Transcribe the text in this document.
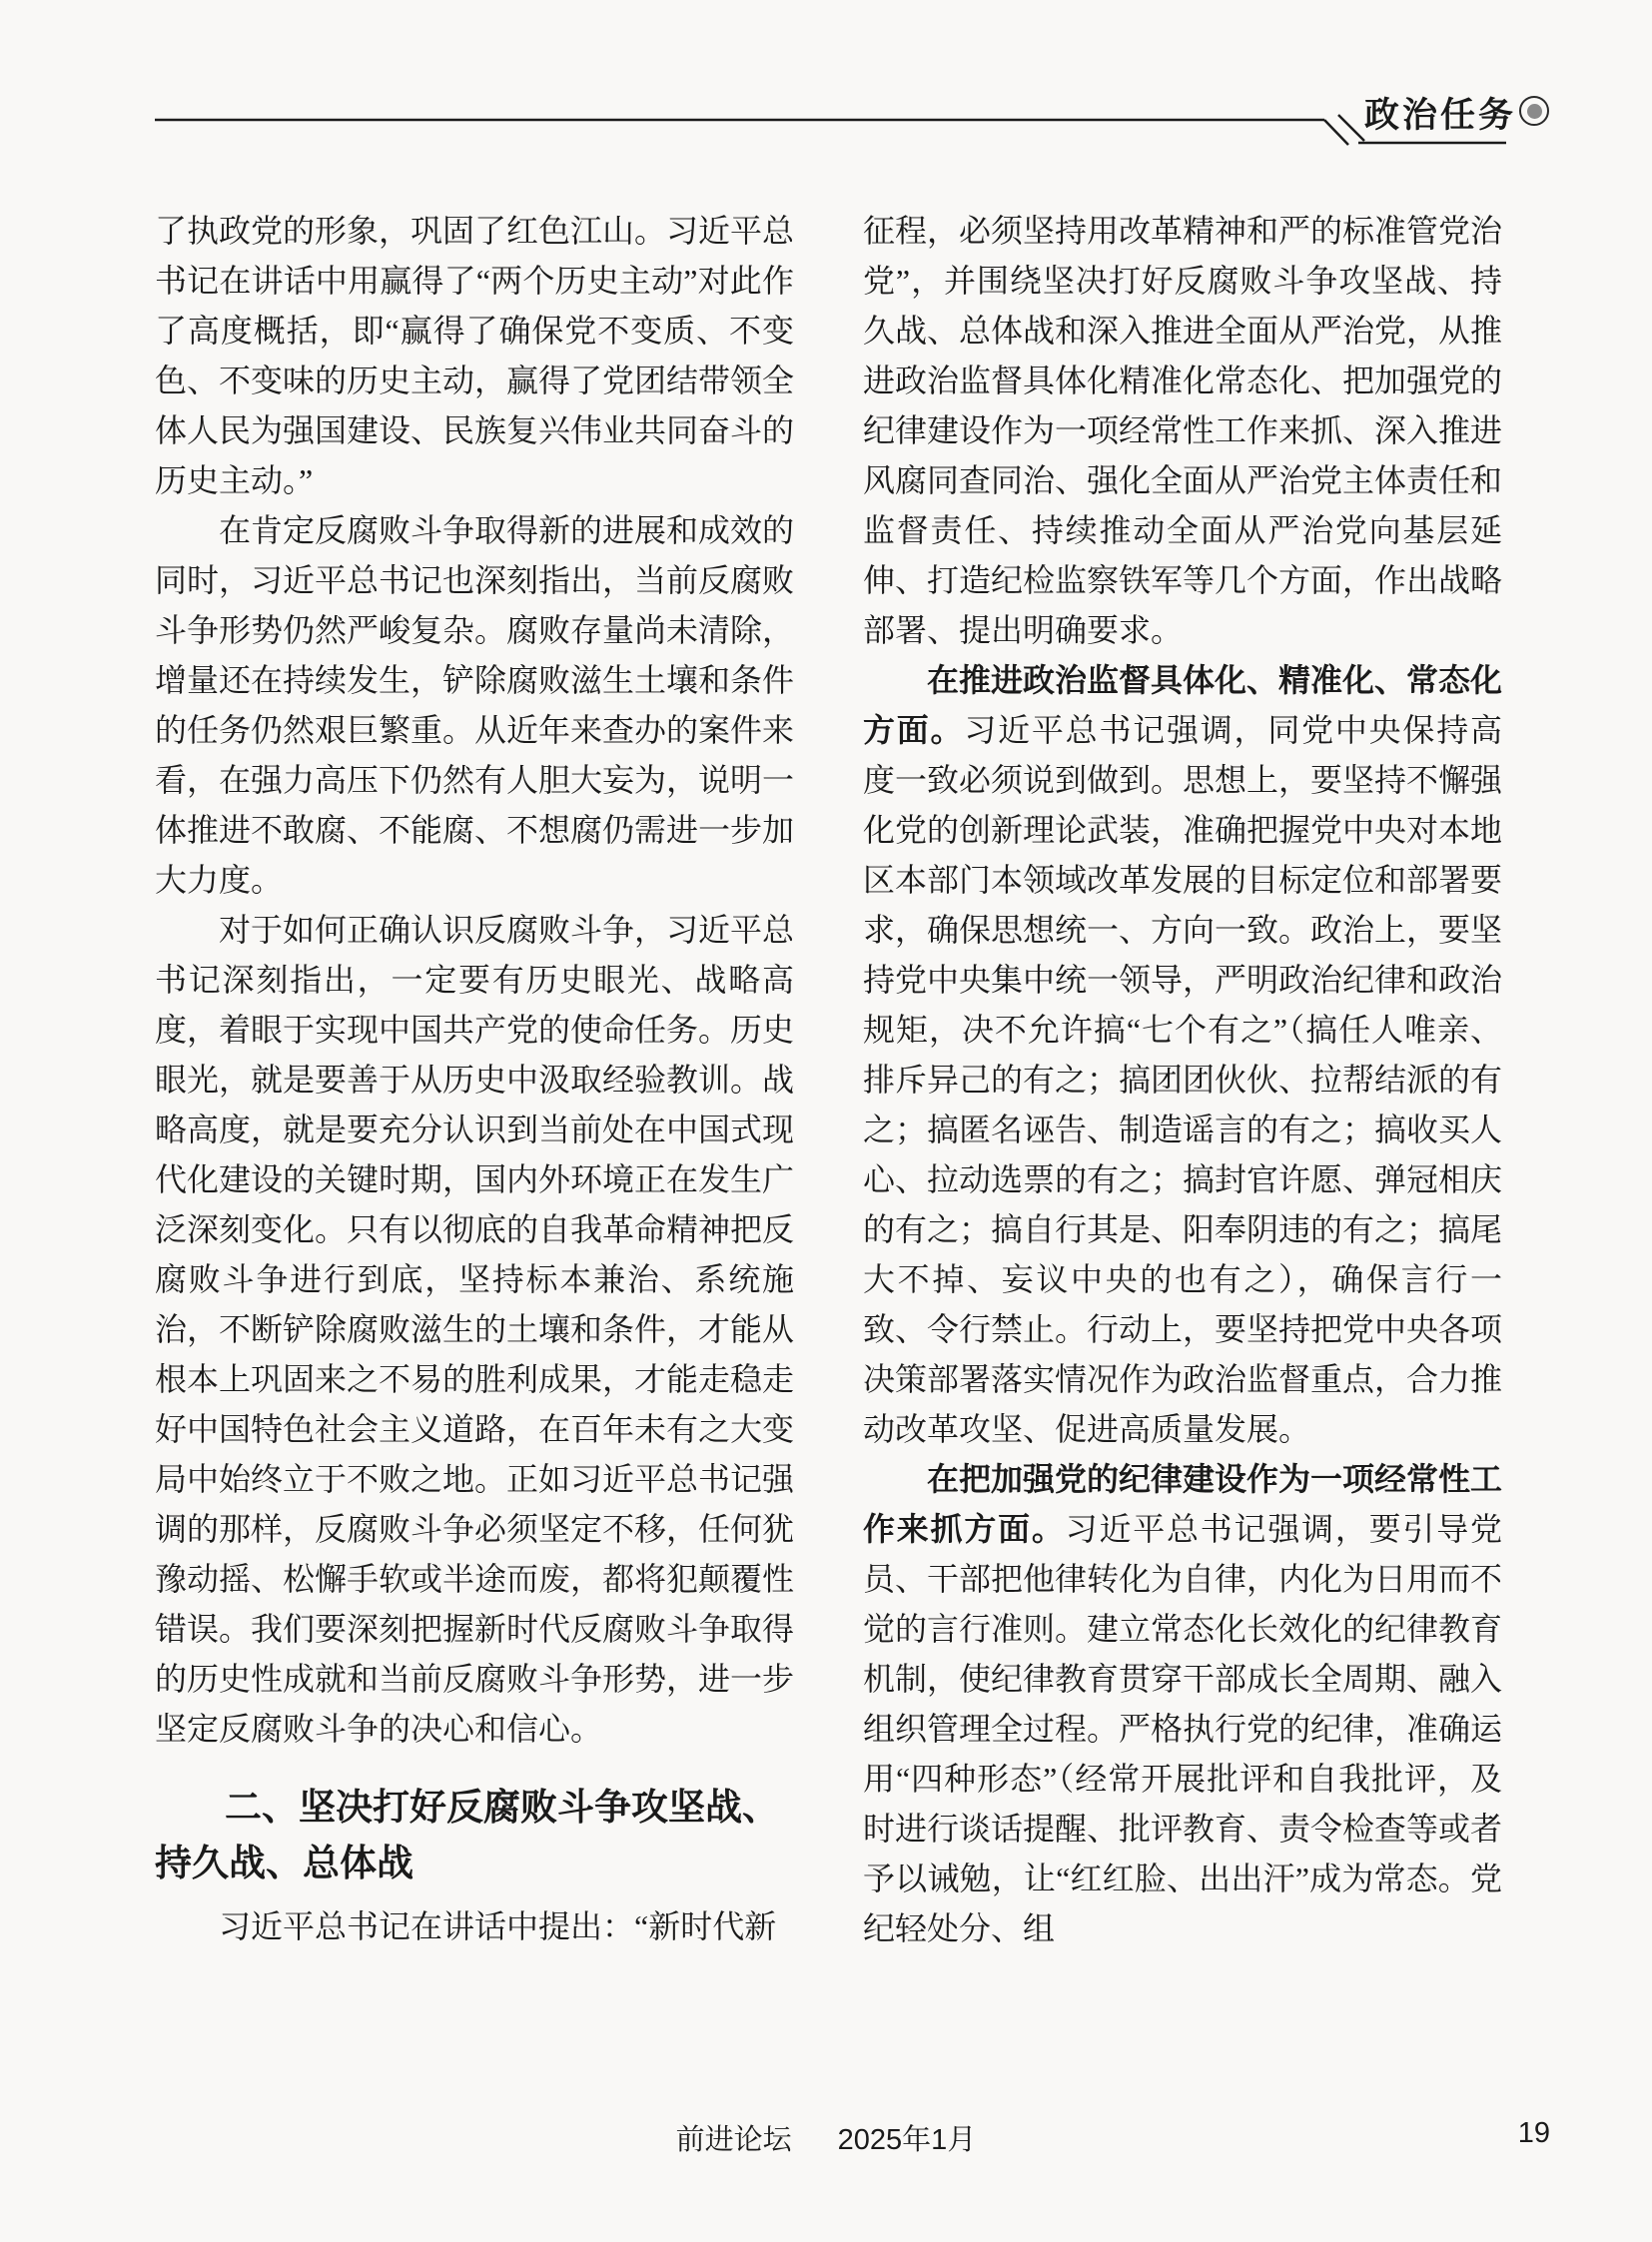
政治任务

了执政党的形象，巩固了红色江山。习近平总书记在讲话中用赢得了“两个历史主动”对此作了高度概括，即“赢得了确保党不变质、不变色、不变味的历史主动，赢得了党团结带领全体人民为强国建设、民族复兴伟业共同奋斗的历史主动。”

在肯定反腐败斗争取得新的进展和成效的同时，习近平总书记也深刻指出，当前反腐败斗争形势仍然严峻复杂。腐败存量尚未清除，增量还在持续发生，铲除腐败滋生土壤和条件的任务仍然艰巨繁重。从近年来查办的案件来看，在强力高压下仍然有人胆大妄为，说明一体推进不敢腐、不能腐、不想腐仍需进一步加大力度。

对于如何正确认识反腐败斗争，习近平总书记深刻指出，一定要有历史眼光、战略高度，着眼于实现中国共产党的使命任务。历史眼光，就是要善于从历史中汲取经验教训。战略高度，就是要充分认识到当前处在中国式现代化建设的关键时期，国内外环境正在发生广泛深刻变化。只有以彻底的自我革命精神把反腐败斗争进行到底，坚持标本兼治、系统施治，不断铲除腐败滋生的土壤和条件，才能从根本上巩固来之不易的胜利成果，才能走稳走好中国特色社会主义道路，在百年未有之大变局中始终立于不败之地。正如习近平总书记强调的那样，反腐败斗争必须坚定不移，任何犹豫动摇、松懈手软或半途而废，都将犯颠覆性错误。我们要深刻把握新时代反腐败斗争取得的历史性成就和当前反腐败斗争形势，进一步坚定反腐败斗争的决心和信心。

二、坚决打好反腐败斗争攻坚战、
持久战、总体战

习近平总书记在讲话中提出：“新时代新

征程，必须坚持用改革精神和严的标准管党治党”，并围绕坚决打好反腐败斗争攻坚战、持久战、总体战和深入推进全面从严治党，从推进政治监督具体化精准化常态化、把加强党的纪律建设作为一项经常性工作来抓、深入推进风腐同查同治、强化全面从严治党主体责任和监督责任、持续推动全面从严治党向基层延伸、打造纪检监察铁军等几个方面，作出战略部署、提出明确要求。

在推进政治监督具体化、精准化、常态化方面。习近平总书记强调，同党中央保持高度一致必须说到做到。思想上，要坚持不懈强化党的创新理论武装，准确把握党中央对本地区本部门本领域改革发展的目标定位和部署要求，确保思想统一、方向一致。政治上，要坚持党中央集中统一领导，严明政治纪律和政治规矩，决不允许搞“七个有之”（搞任人唯亲、排斥异己的有之；搞团团伙伙、拉帮结派的有之；搞匿名诬告、制造谣言的有之；搞收买人心、拉动选票的有之；搞封官许愿、弹冠相庆的有之；搞自行其是、阳奉阴违的有之；搞尾大不掉、妄议中央的也有之），确保言行一致、令行禁止。行动上，要坚持把党中央各项决策部署落实情况作为政治监督重点，合力推动改革攻坚、促进高质量发展。

在把加强党的纪律建设作为一项经常性工作来抓方面。习近平总书记强调，要引导党员、干部把他律转化为自律，内化为日用而不觉的言行准则。建立常态化长效化的纪律教育机制，使纪律教育贯穿干部成长全周期、融入组织管理全过程。严格执行党的纪律，准确运用“四种形态”（经常开展批评和自我批评，及时进行谈话提醒、批评教育、责令检查等或者予以诫勉，让“红红脸、出出汗”成为常态。党纪轻处分、组

前进论坛 2025年1月	19
